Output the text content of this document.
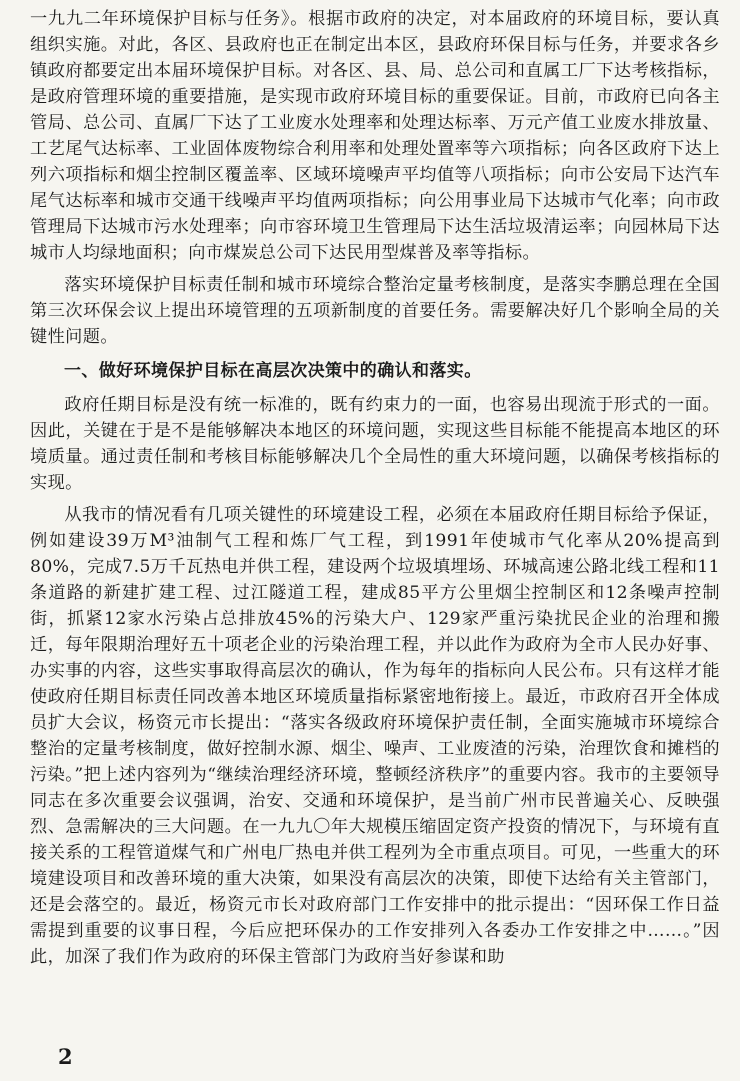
一九九二年环境保护目标与任务》。根据市政府的决定，对本届政府的环境目标，要认真组织实施。对此，各区、县政府也正在制定出本区，县政府环保目标与任务，并要求各乡镇政府都要定出本届环境保护目标。对各区、县、局、总公司和直属工厂下达考核指标，是政府管理环境的重要措施，是实现市政府环境目标的重要保证。目前，市政府已向各主管局、总公司、直属厂下达了工业废水处理率和处理达标率、万元产值工业废水排放量、工艺尾气达标率、工业固体废物综合利用率和处理处置率等六项指标；向各区政府下达上列六项指标和烟尘控制区覆盖率、区域环境噪声平均值等八项指标；向市公安局下达汽车尾气达标率和城市交通干线噪声平均值两项指标；向公用事业局下达城市气化率；向市政管理局下达城市污水处理率；向市容环境卫生管理局下达生活垃圾清运率；向园林局下达城市人均绿地面积；向市煤炭总公司下达民用型煤普及率等指标。

落实环境保护目标责任制和城市环境综合整治定量考核制度，是落实李鹏总理在全国第三次环保会议上提出环境管理的五项新制度的首要任务。需要解决好几个影响全局的关键性问题。

一、做好环境保护目标在高层次决策中的确认和落实。

政府任期目标是没有统一标准的，既有约束力的一面，也容易出现流于形式的一面。因此，关键在于是不是能够解决本地区的环境问题，实现这些目标能不能提高本地区的环境质量。通过责任制和考核目标能够解决几个全局性的重大环境问题，以确保考核指标的实现。

从我市的情况看有几项关键性的环境建设工程，必须在本届政府任期目标给予保证，例如建设39万M³油制气工程和炼厂气工程，到1991年使城市气化率从20%提高到80%，完成7.5万千瓦热电并供工程，建设两个垃圾填埋场、环城高速公路北线工程和11条道路的新建扩建工程、过江隧道工程，建成85平方公里烟尘控制区和12条噪声控制街，抓紧12家水污染占总排放45%的污染大户、129家严重污染扰民企业的治理和搬迁，每年限期治理好五十项老企业的污染治理工程，并以此作为政府为全市人民办好事、办实事的内容，这些实事取得高层次的确认，作为每年的指标向人民公布。只有这样才能使政府任期目标责任同改善本地区环境质量指标紧密地衔接上。最近，市政府召开全体成员扩大会议，杨资元市长提出：“落实各级政府环境保护责任制，全面实施城市环境综合整治的定量考核制度，做好控制水源、烟尘、噪声、工业废渣的污染，治理饮食和摊档的污染。”把上述内容列为“继续治理经济环境，整顿经济秩序”的重要内容。我市的主要领导同志在多次重要会议强调，治安、交通和环境保护，是当前广州市民普遍关心、反映强烈、急需解决的三大问题。在一九九〇年大规模压缩固定资产投资的情况下，与环境有直接关系的工程管道煤气和广州电厂热电并供工程列为全市重点项目。可见，一些重大的环境建设项目和改善环境的重大决策，如果没有高层次的决策，即使下达给有关主管部门，还是会落空的。最近，杨资元市长对政府部门工作安排中的批示提出：“因环保工作日益需提到重要的议事日程，今后应把环保办的工作安排列入各委办工作安排之中……。”因此，加深了我们作为政府的环保主管部门为政府当好参谋和助

2
